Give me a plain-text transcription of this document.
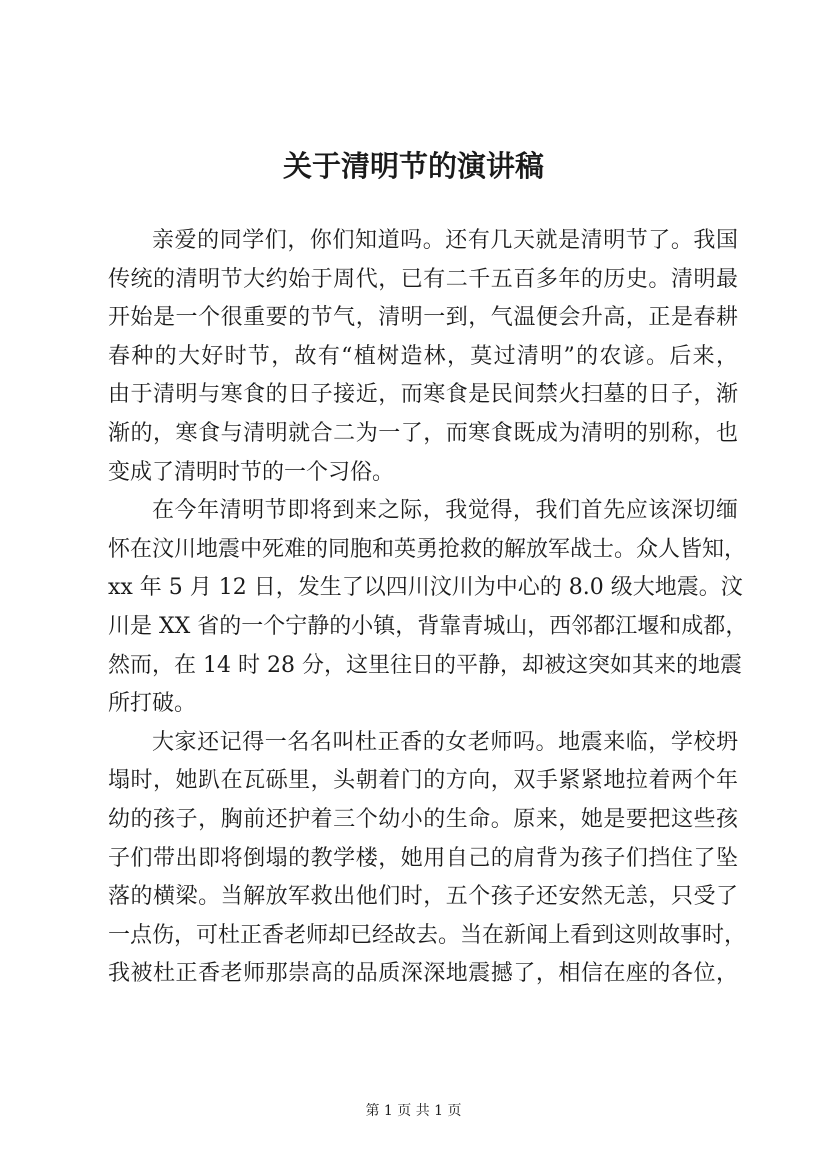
关于清明节的演讲稿
亲爱的同学们，你们知道吗。还有几天就是清明节了。我国
传统的清明节大约始于周代，已有二千五百多年的历史。清明最
开始是一个很重要的节气，清明一到，气温便会升高，正是春耕
春种的大好时节，故有“植树造林，莫过清明”的农谚。后来，
由于清明与寒食的日子接近，而寒食是民间禁火扫墓的日子，渐
渐的，寒食与清明就合二为一了，而寒食既成为清明的别称，也
变成了清明时节的一个习俗。
在今年清明节即将到来之际，我觉得，我们首先应该深切缅
怀在汶川地震中死难的同胞和英勇抢救的解放军战士。众人皆知，
xx 年 5 月 12 日，发生了以四川汶川为中心的 8.0 级大地震。汶
川是 XX 省的一个宁静的小镇，背靠青城山，西邻都江堰和成都，
然而，在 14 时 28 分，这里往日的平静，却被这突如其来的地震
所打破。
大家还记得一名名叫杜正香的女老师吗。地震来临，学校坍
塌时，她趴在瓦砾里，头朝着门的方向，双手紧紧地拉着两个年
幼的孩子，胸前还护着三个幼小的生命。原来，她是要把这些孩
子们带出即将倒塌的教学楼，她用自己的肩背为孩子们挡住了坠
落的横梁。当解放军救出他们时，五个孩子还安然无恙，只受了
一点伤，可杜正香老师却已经故去。当在新闻上看到这则故事时，
我被杜正香老师那崇高的品质深深地震撼了，相信在座的各位，
第 1 页 共 1 页
